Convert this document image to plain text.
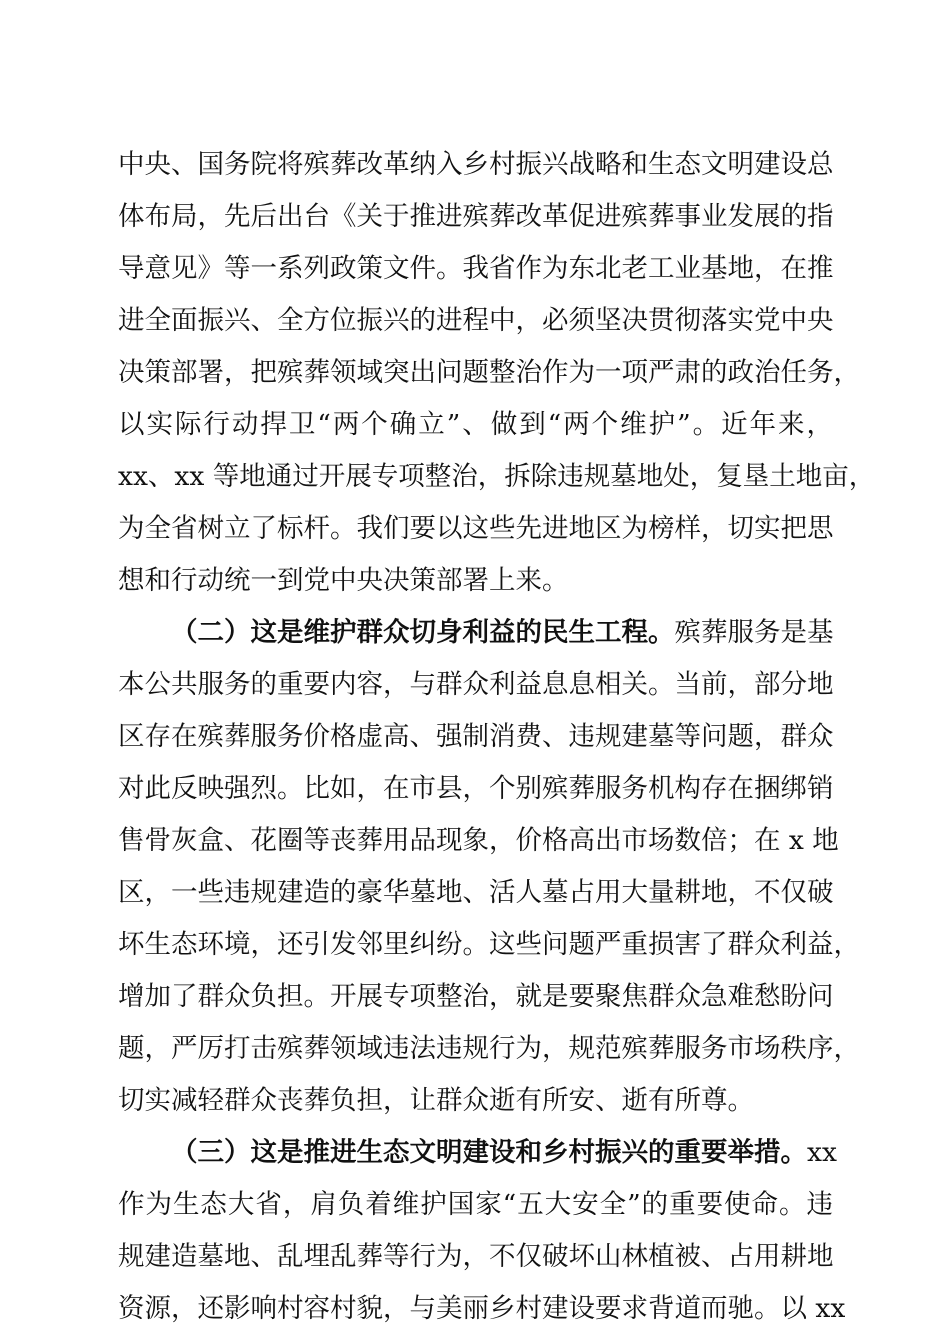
中央、国务院将殡葬改革纳入乡村振兴战略和生态文明建设总
体布局，先后出台《关于推进殡葬改革促进殡葬事业发展的指
导意见》等一系列政策文件。我省作为东北老工业基地，在推
进全面振兴、全方位振兴的进程中，必须坚决贯彻落实党中央
决策部署，把殡葬领域突出问题整治作为一项严肃的政治任务，
以实际行动捍卫“两个确立”、做到“两个维护”。近年来，
xx、xx 等地通过开展专项整治，拆除违规墓地处，复垦土地亩，
为全省树立了标杆。我们要以这些先进地区为榜样，切实把思
想和行动统一到党中央决策部署上来。
（二）这是维护群众切身利益的民生工程。殡葬服务是基
本公共服务的重要内容，与群众利益息息相关。当前，部分地
区存在殡葬服务价格虚高、强制消费、违规建墓等问题，群众
对此反映强烈。比如，在市县，个别殡葬服务机构存在捆绑销
售骨灰盒、花圈等丧葬用品现象，价格高出市场数倍；在 x 地
区，一些违规建造的豪华墓地、活人墓占用大量耕地，不仅破
坏生态环境，还引发邻里纠纷。这些问题严重损害了群众利益，
增加了群众负担。开展专项整治，就是要聚焦群众急难愁盼问
题，严厉打击殡葬领域违法违规行为，规范殡葬服务市场秩序，
切实减轻群众丧葬负担，让群众逝有所安、逝有所尊。
（三）这是推进生态文明建设和乡村振兴的重要举措。xx
作为生态大省，肩负着维护国家“五大安全”的重要使命。违
规建造墓地、乱埋乱葬等行为，不仅破坏山林植被、占用耕地
资源，还影响村容村貌，与美丽乡村建设要求背道而驰。以 xx
